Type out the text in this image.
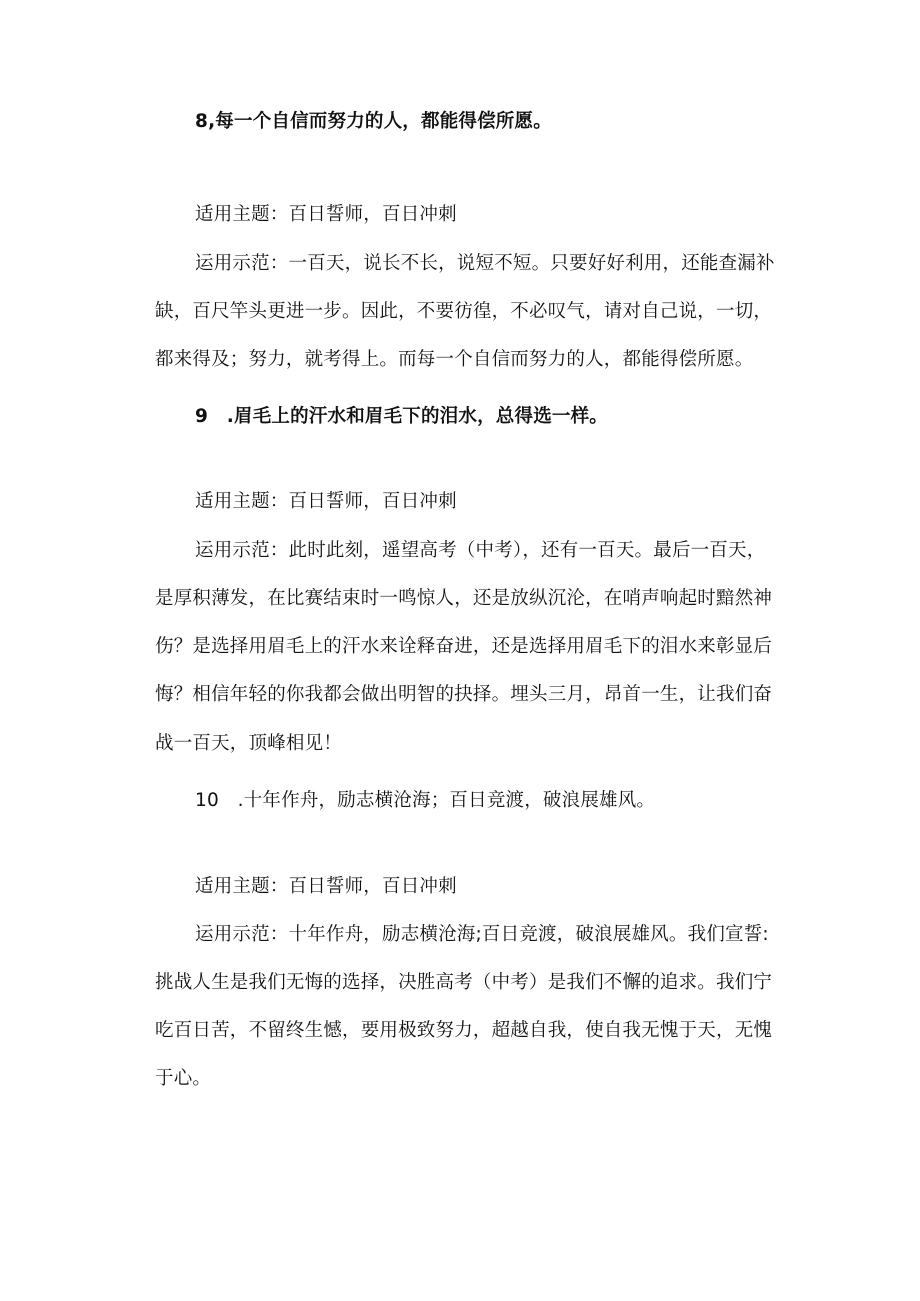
8,每一个自信而努力的人，都能得偿所愿。
适用主题：百日誓师，百日冲刺
运用示范：一百天，说长不长，说短不短。只要好好利用，还能查漏补
缺，百尺竿头更进一步。因此，不要彷徨，不必叹气，请对自己说，一切，
都来得及；努力，就考得上。而每一个自信而努力的人，都能得偿所愿。
9　.眉毛上的汗水和眉毛下的泪水，总得选一样。
适用主题：百日誓师，百日冲刺
运用示范：此时此刻，遥望高考（中考），还有一百天。最后一百天，
是厚积薄发，在比赛结束时一鸣惊人，还是放纵沉沦，在哨声响起时黯然神
伤？是选择用眉毛上的汗水来诠释奋进，还是选择用眉毛下的泪水来彰显后
悔？相信年轻的你我都会做出明智的抉择。埋头三月，昂首一生，让我们奋
战一百天，顶峰相见！
10　.十年作舟，励志横沧海；百日竞渡，破浪展雄风。
适用主题：百日誓师，百日冲刺
运用示范：十年作舟，励志横沧海;百日竞渡，破浪展雄风。我们宣誓:
挑战人生是我们无悔的选择，决胜高考（中考）是我们不懈的追求。我们宁
吃百日苦，不留终生憾，要用极致努力，超越自我，使自我无愧于天，无愧
于心。
